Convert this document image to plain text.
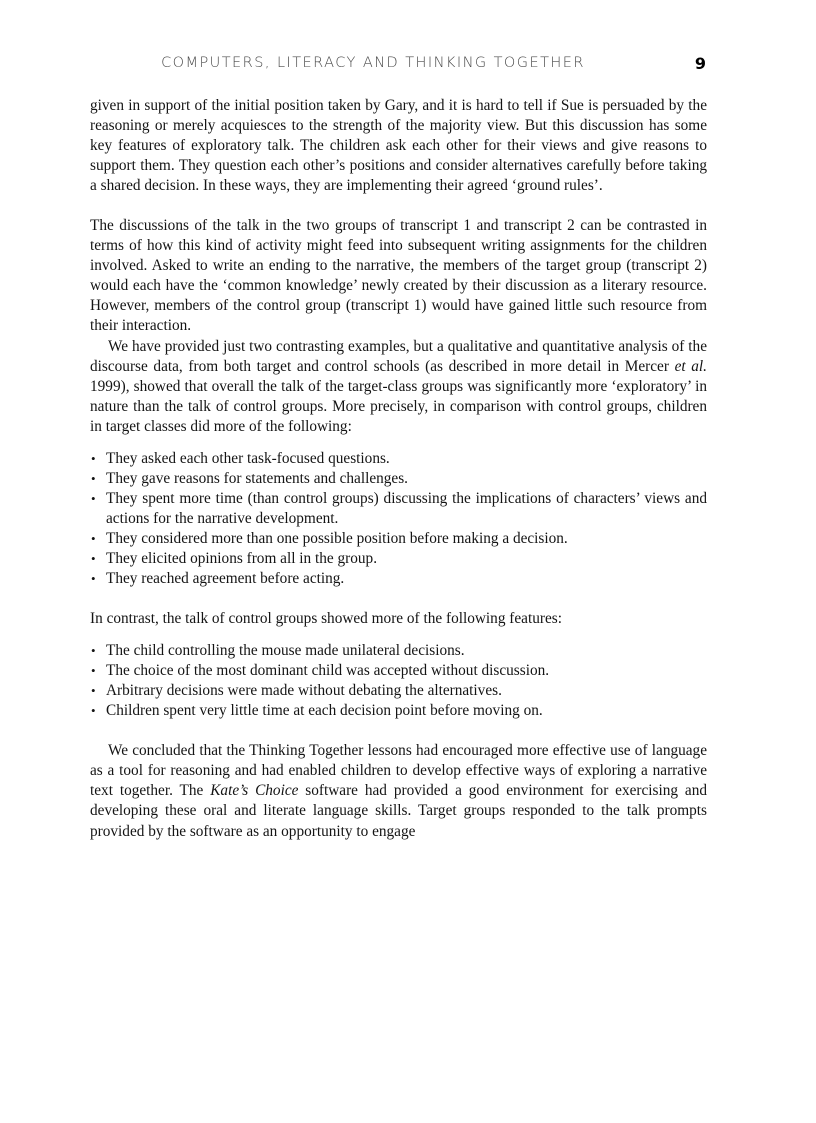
COMPUTERS, LITERACY AND THINKING TOGETHER	9

given in support of the initial position taken by Gary, and it is hard to tell if Sue is persuaded by the reasoning or merely acquiesces to the strength of the majority view. But this discussion has some key features of exploratory talk. The children ask each other for their views and give reasons to support them. They question each other’s positions and consider alternatives carefully before taking a shared decision. In these ways, they are implementing their agreed ‘ground rules’.

The discussions of the talk in the two groups of transcript 1 and transcript 2 can be contrasted in terms of how this kind of activity might feed into subsequent writing assignments for the children involved. Asked to write an ending to the narrative, the members of the target group (transcript 2) would each have the ‘common knowledge’ newly created by their discussion as a literary resource. However, members of the control group (transcript 1) would have gained little such resource from their interaction.

We have provided just two contrasting examples, but a qualitative and quantitative analysis of the discourse data, from both target and control schools (as described in more detail in Mercer et al. 1999), showed that overall the talk of the target-class groups was significantly more ‘exploratory’ in nature than the talk of control groups. More precisely, in comparison with control groups, children in target classes did more of the following:

• They asked each other task-focused questions.
• They gave reasons for statements and challenges.
• They spent more time (than control groups) discussing the implications of characters’ views and actions for the narrative development.
• They considered more than one possible position before making a decision.
• They elicited opinions from all in the group.
• They reached agreement before acting.

In contrast, the talk of control groups showed more of the following features:

• The child controlling the mouse made unilateral decisions.
• The choice of the most dominant child was accepted without discussion.
• Arbitrary decisions were made without debating the alternatives.
• Children spent very little time at each decision point before moving on.

We concluded that the Thinking Together lessons had encouraged more effective use of language as a tool for reasoning and had enabled children to develop effective ways of exploring a narrative text together. The Kate’s Choice software had provided a good environment for exercising and developing these oral and literate language skills. Target groups responded to the talk prompts provided by the software as an opportunity to engage
